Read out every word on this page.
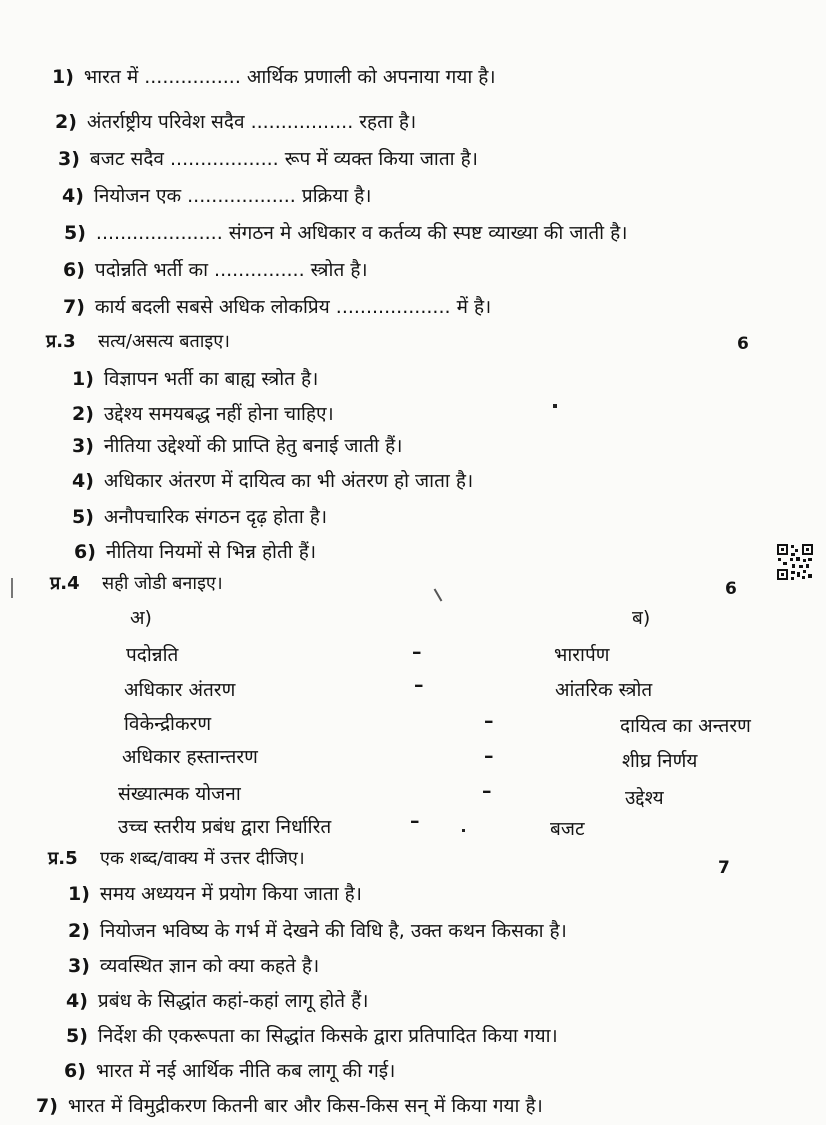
1) भारत में ................ आर्थिक प्रणाली को अपनाया गया है।
2) अंतर्राष्ट्रीय परिवेश सदैव ................. रहता है।
3) बजट सदैव .................. रूप में व्यक्त किया जाता है।
4) नियोजन एक .................. प्रक्रिया है।
5) ..................... संगठन मे अधिकार व कर्तव्य की स्पष्ट व्याख्या की जाती है।
6) पदोन्नति भर्ती का ............... स्त्रोत है।
7) कार्य बदली सबसे अधिक लोकप्रिय ................... में है।
प्र.3 सत्य/असत्य बताइए।	6
1) विज्ञापन भर्ती का बाह्य स्त्रोत है।
2) उद्देश्य समयबद्ध नहीं होना चाहिए।
3) नीतिया उद्देश्यों की प्राप्ति हेतु बनाई जाती हैं।
4) अधिकार अंतरण में दायित्व का भी अंतरण हो जाता है।
5) अनौपचारिक संगठन दृढ़ होता है।
6) नीतिया नियमों से भिन्न होती हैं।
प्र.4 सही जोडी बनाइए।	6
अ)	ब)
पदोन्नति	–	भारार्पण
अधिकार अंतरण	–	आंतरिक स्त्रोत
विकेन्द्रीकरण	–	दायित्व का अन्तरण
अधिकार हस्तान्तरण	–	शीघ्र निर्णय
संख्यात्मक योजना	–	उद्देश्य
उच्च स्तरीय प्रबंध द्वारा निर्धारित	–	बजट
प्र.5 एक शब्द/वाक्य में उत्तर दीजिए।	7
1) समय अध्ययन में प्रयोग किया जाता है।
2) नियोजन भविष्य के गर्भ में देखने की विधि है, उक्त कथन किसका है।
3) व्यवस्थित ज्ञान को क्या कहते है।
4) प्रबंध के सिद्धांत कहां-कहां लागू होते हैं।
5) निर्देश की एकरूपता का सिद्धांत किसके द्वारा प्रतिपादित किया गया।
6) भारत में नई आर्थिक नीति कब लागू की गई।
7) भारत में विमुद्रीकरण कितनी बार और किस-किस सन् में किया गया है।
